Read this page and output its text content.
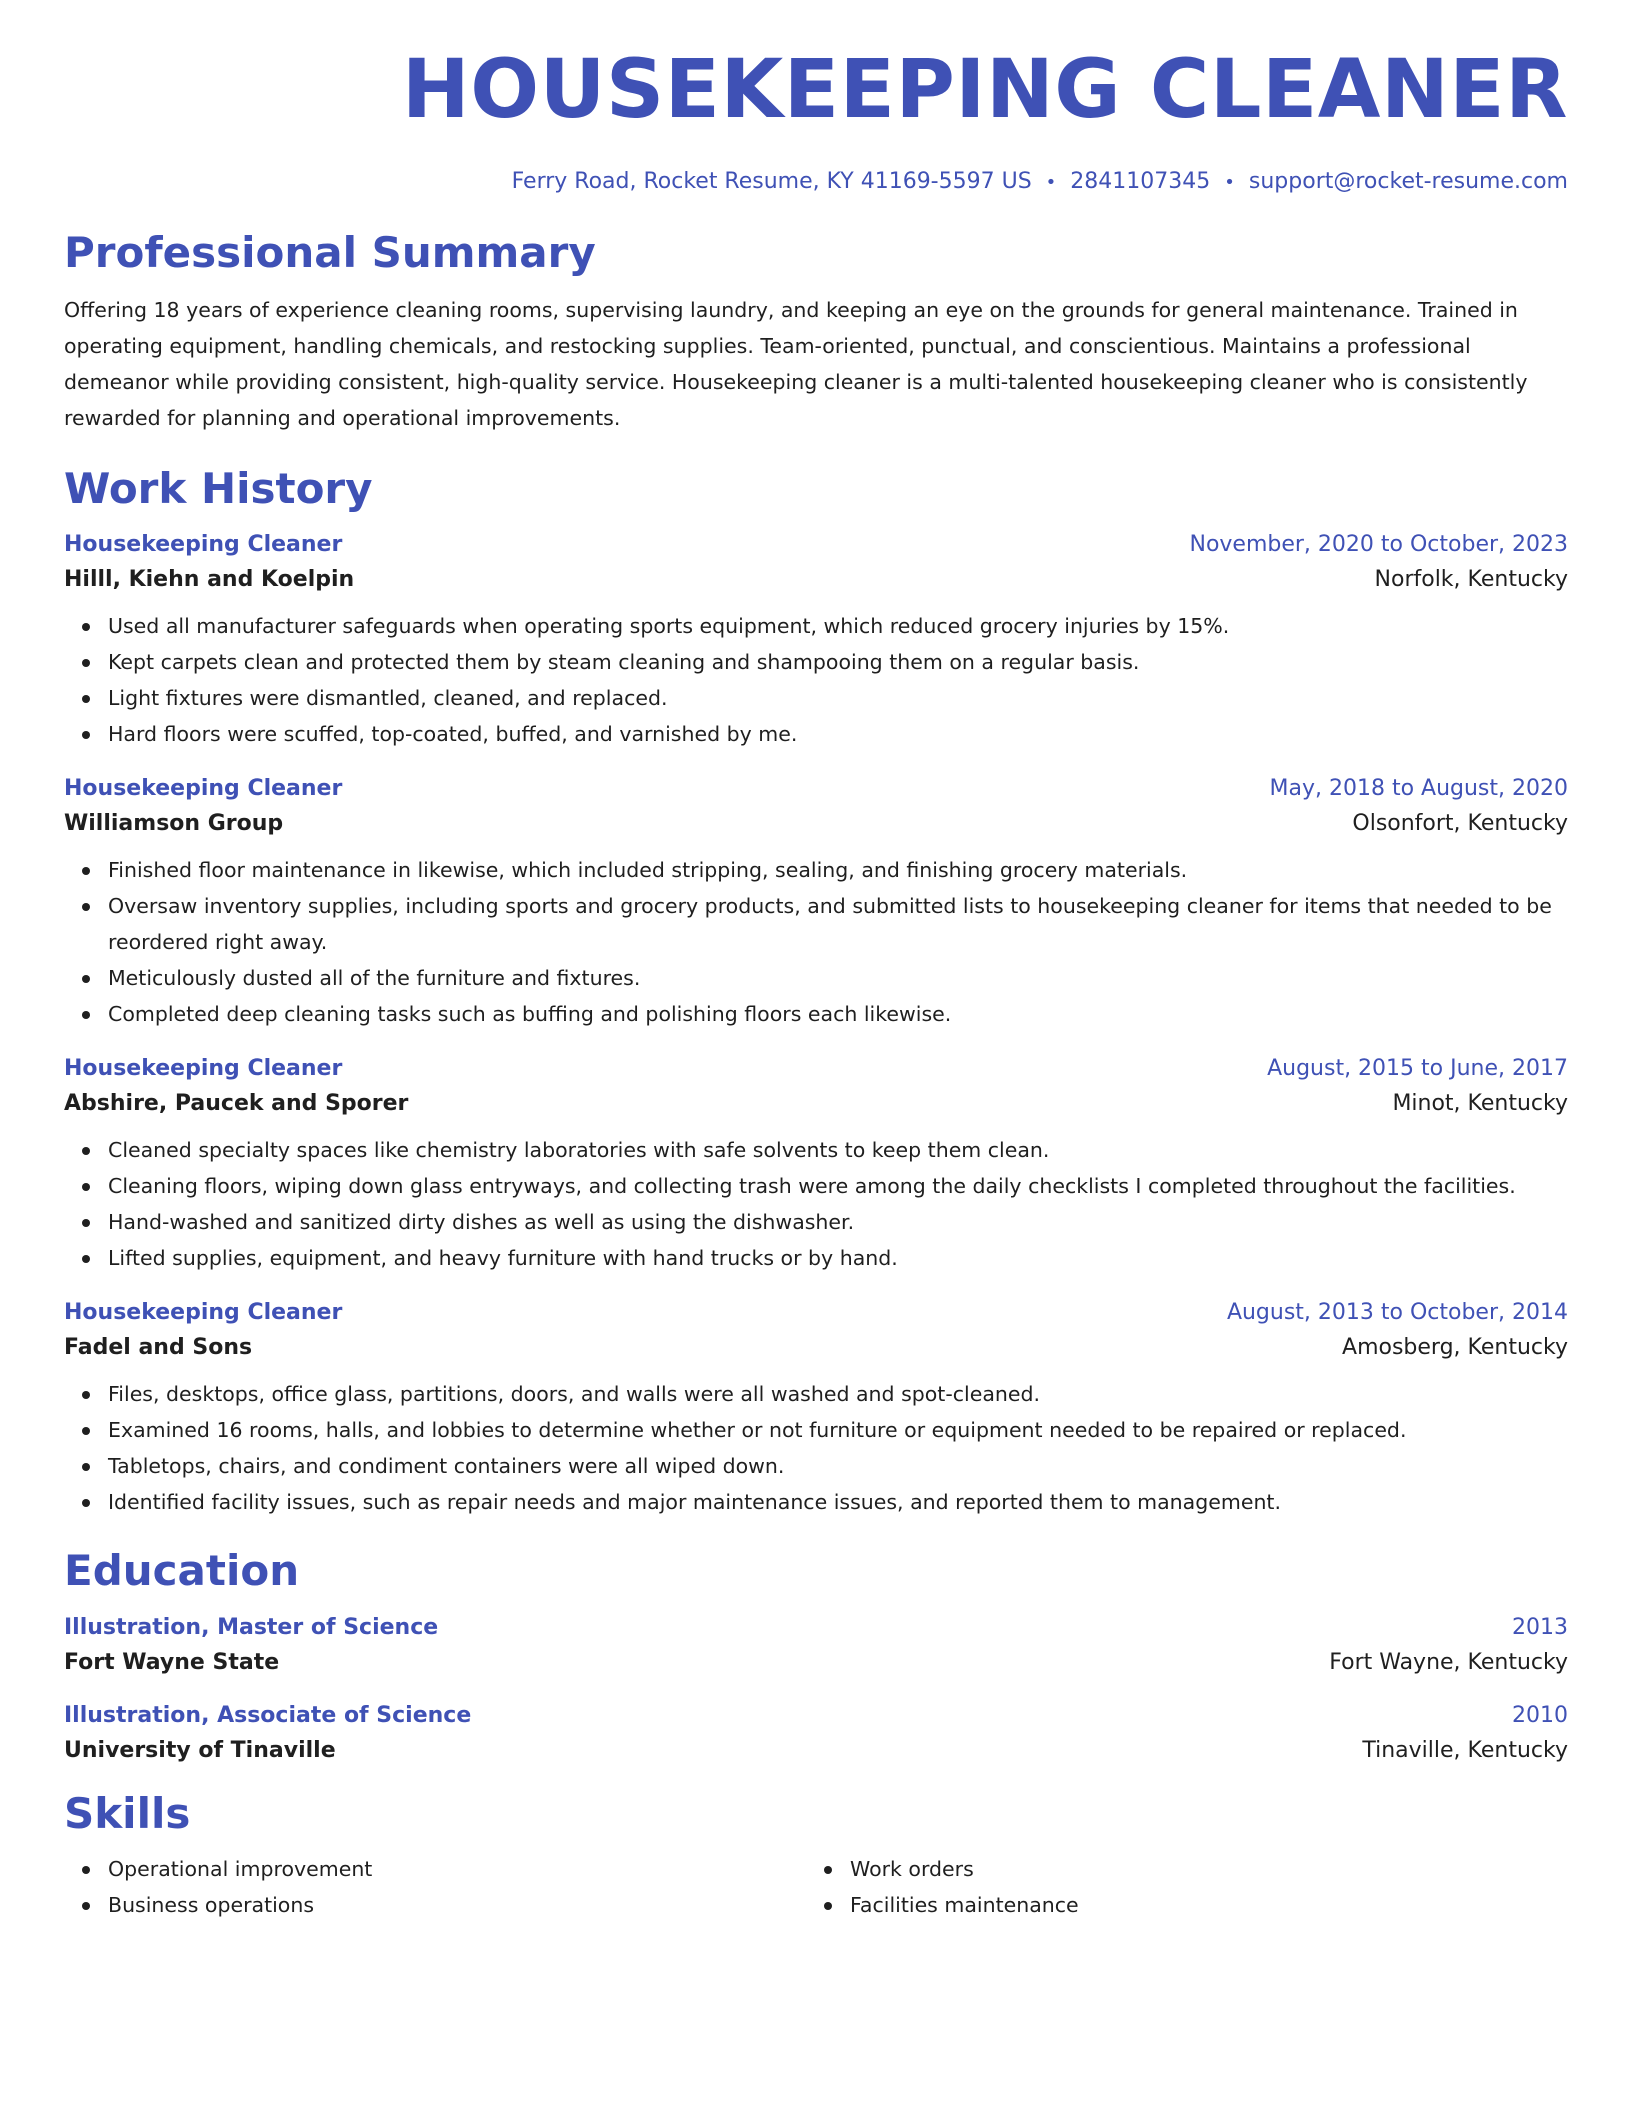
HOUSEKEEPING CLEANER
Ferry Road, Rocket Resume, KY 41169-5597 US • 2841107345 • support@rocket-resume.com
Professional Summary
Offering 18 years of experience cleaning rooms, supervising laundry, and keeping an eye on the grounds for general maintenance. Trained in operating equipment, handling chemicals, and restocking supplies. Team-oriented, punctual, and conscientious. Maintains a professional demeanor while providing consistent, high-quality service. Housekeeping cleaner is a multi-talented housekeeping cleaner who is consistently rewarded for planning and operational improvements.
Work History
Housekeeping Cleaner	November, 2020 to October, 2023
Hilll, Kiehn and Koelpin	Norfolk, Kentucky
Used all manufacturer safeguards when operating sports equipment, which reduced grocery injuries by 15%.
Kept carpets clean and protected them by steam cleaning and shampooing them on a regular basis.
Light fixtures were dismantled, cleaned, and replaced.
Hard floors were scuffed, top-coated, buffed, and varnished by me.
Housekeeping Cleaner	May, 2018 to August, 2020
Williamson Group	Olsonfort, Kentucky
Finished floor maintenance in likewise, which included stripping, sealing, and finishing grocery materials.
Oversaw inventory supplies, including sports and grocery products, and submitted lists to housekeeping cleaner for items that needed to be reordered right away.
Meticulously dusted all of the furniture and fixtures.
Completed deep cleaning tasks such as buffing and polishing floors each likewise.
Housekeeping Cleaner	August, 2015 to June, 2017
Abshire, Paucek and Sporer	Minot, Kentucky
Cleaned specialty spaces like chemistry laboratories with safe solvents to keep them clean.
Cleaning floors, wiping down glass entryways, and collecting trash were among the daily checklists I completed throughout the facilities.
Hand-washed and sanitized dirty dishes as well as using the dishwasher.
Lifted supplies, equipment, and heavy furniture with hand trucks or by hand.
Housekeeping Cleaner	August, 2013 to October, 2014
Fadel and Sons	Amosberg, Kentucky
Files, desktops, office glass, partitions, doors, and walls were all washed and spot-cleaned.
Examined 16 rooms, halls, and lobbies to determine whether or not furniture or equipment needed to be repaired or replaced.
Tabletops, chairs, and condiment containers were all wiped down.
Identified facility issues, such as repair needs and major maintenance issues, and reported them to management.
Education
Illustration, Master of Science	2013
Fort Wayne State	Fort Wayne, Kentucky
Illustration, Associate of Science	2010
University of Tinaville	Tinaville, Kentucky
Skills
Operational improvement
Business operations
Work orders
Facilities maintenance
